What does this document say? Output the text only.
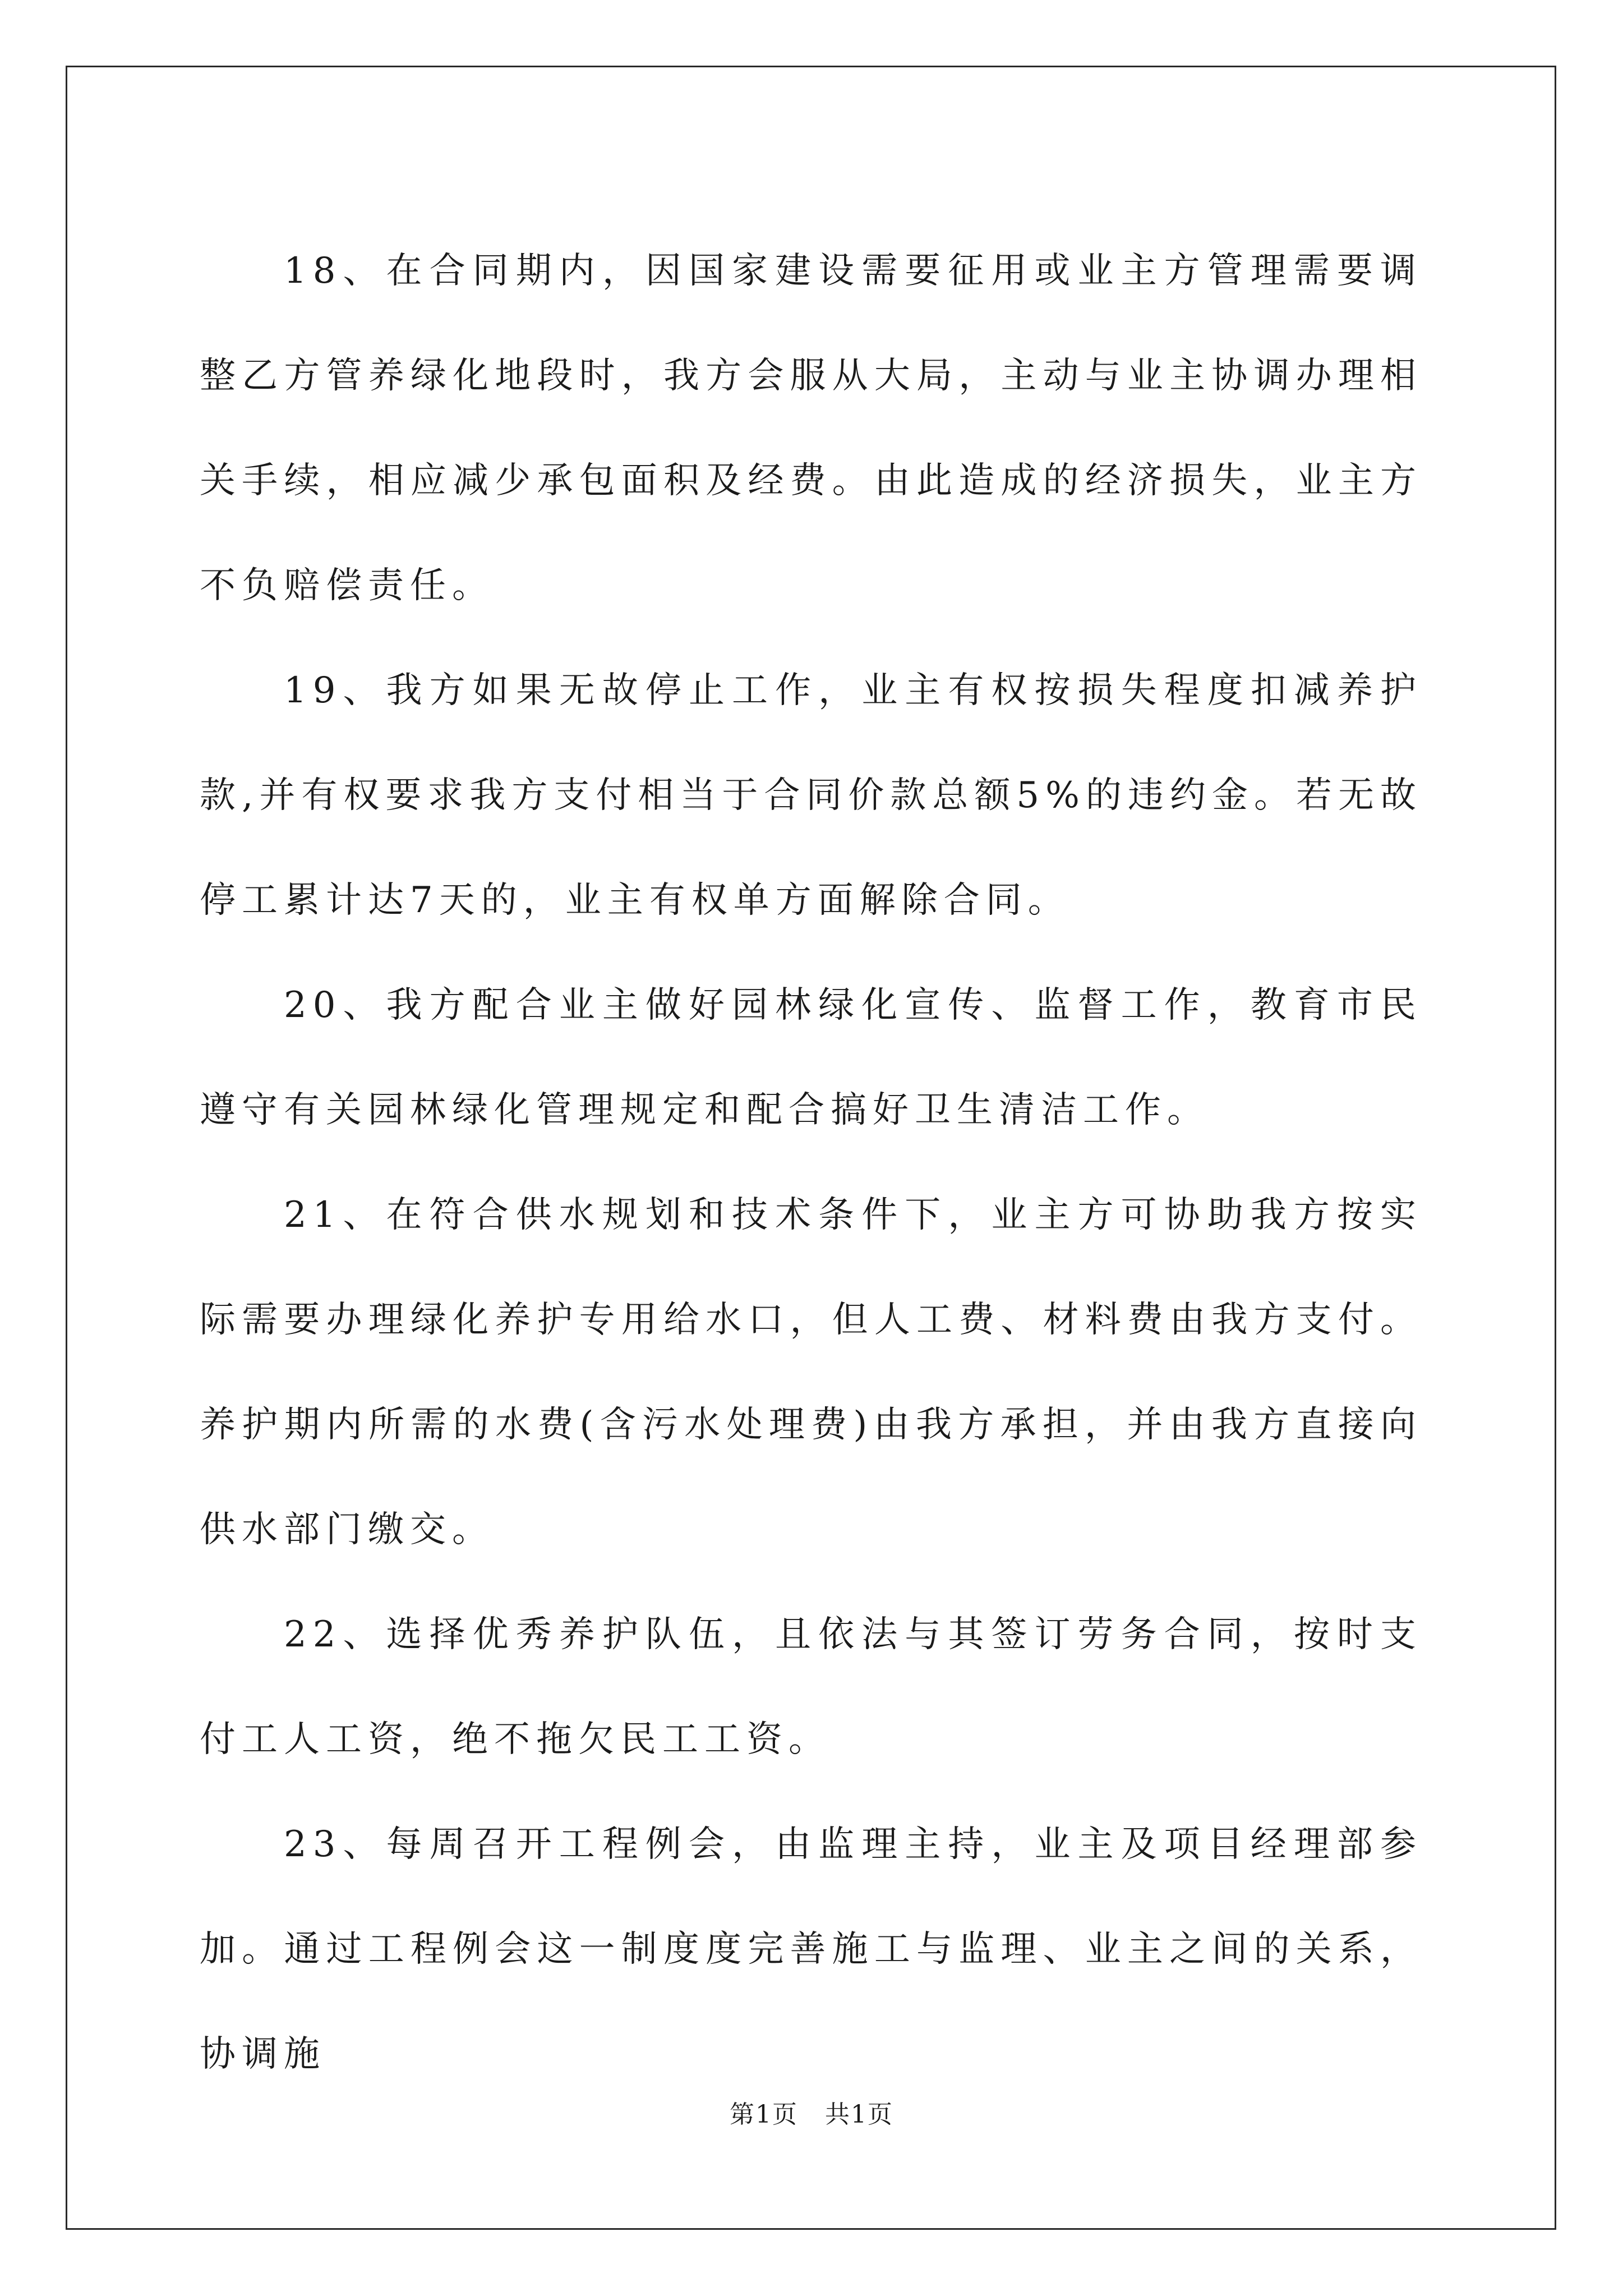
18、在合同期内，因国家建设需要征用或业主方管理需要调整乙方管养绿化地段时，我方会服从大局，主动与业主协调办理相关手续，相应减少承包面积及经费。由此造成的经济损失，业主方不负赔偿责任。

19、我方如果无故停止工作，业主有权按损失程度扣减养护款,并有权要求我方支付相当于合同价款总额5%的违约金。若无故停工累计达7天的，业主有权单方面解除合同。

20、我方配合业主做好园林绿化宣传、监督工作，教育市民遵守有关园林绿化管理规定和配合搞好卫生清洁工作。

21、在符合供水规划和技术条件下，业主方可协助我方按实际需要办理绿化养护专用给水口，但人工费、材料费由我方支付。养护期内所需的水费(含污水处理费)由我方承担，并由我方直接向供水部门缴交。

22、选择优秀养护队伍，且依法与其签订劳务合同，按时支付工人工资，绝不拖欠民工工资。

23、每周召开工程例会，由监理主持，业主及项目经理部参加。通过工程例会这一制度度完善施工与监理、业主之间的关系，协调施

第1页 共1页
